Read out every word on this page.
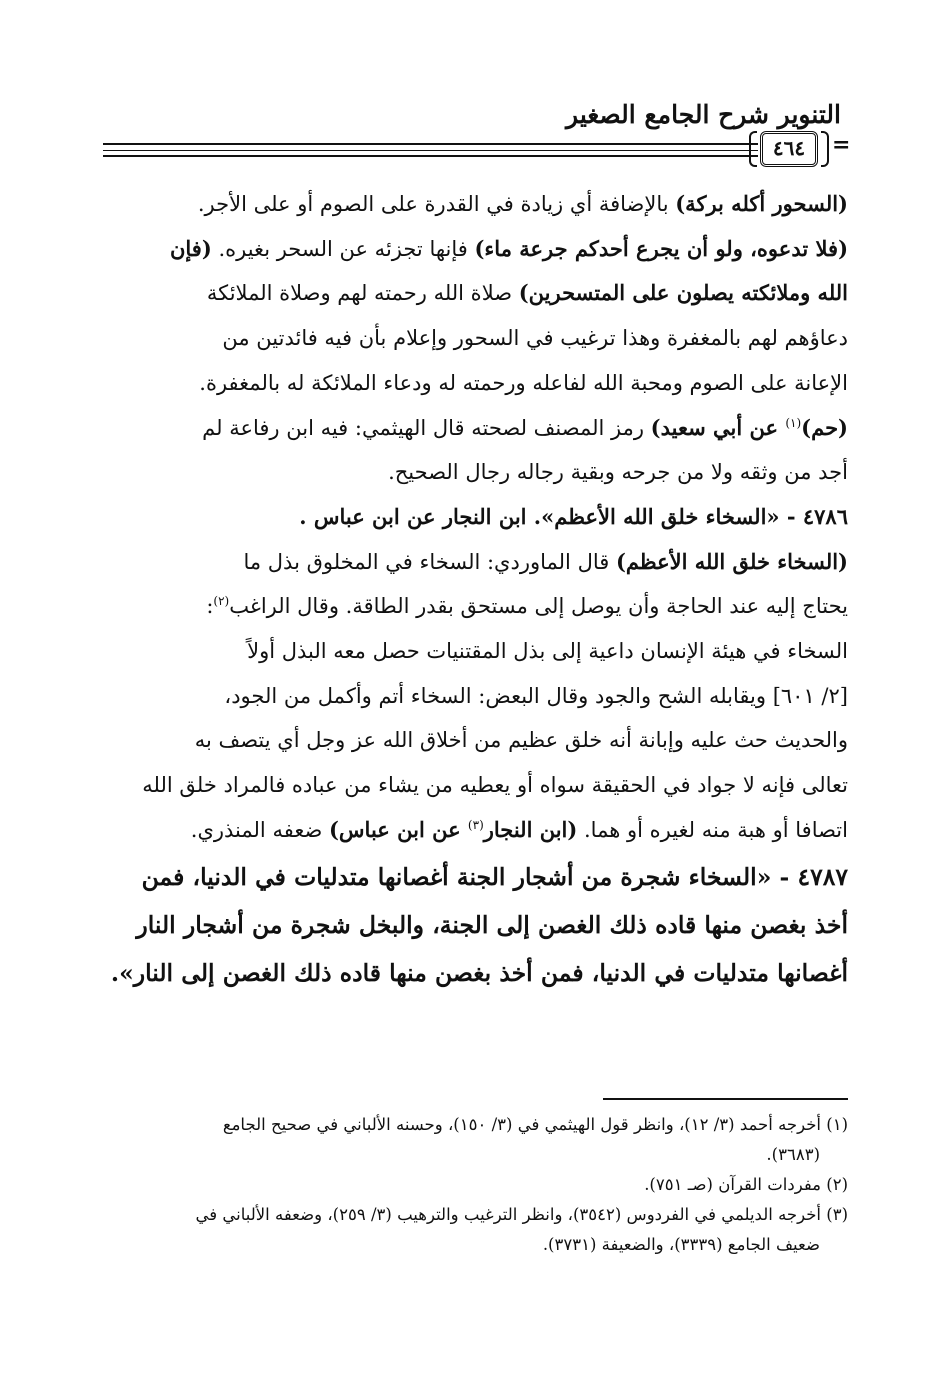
التنوير شرح الجامع الصغير
٤٦٤	=
(السحور أكله بركة) بالإضافة أي زيادة في القدرة على الصوم أو على الأجر.
(فلا تدعوه، ولو أن يجرع أحدكم جرعة ماء) فإنها تجزئه عن السحر بغيره. (فإن
الله وملائكته يصلون على المتسحرين) صلاة الله رحمته لهم وصلاة الملائكة
دعاؤهم لهم بالمغفرة وهذا ترغيب في السحور وإعلام بأن فيه فائدتين من
الإعانة على الصوم ومحبة الله لفاعله ورحمته له ودعاء الملائكة له بالمغفرة.
(حم)$^{(١)}$ عن أبي سعيد) رمز المصنف لصحته قال الهيثمي: فيه ابن رفاعة لم
أجد من وثقه ولا من جرحه وبقية رجاله رجال الصحيح.
٤٧٨٦ - «السخاء خلق الله الأعظم». ابن النجار عن ابن عباس .
(السخاء خلق الله الأعظم) قال الماوردي: السخاء في المخلوق بذل ما
يحتاج إليه عند الحاجة وأن يوصل إلى مستحق بقدر الطاقة. وقال الراغب$^{(٢)}$:
السخاء في هيئة الإنسان داعية إلى بذل المقتنيات حصل معه البذل أولاً
[٢/ ٦٠١] ويقابله الشح والجود وقال البعض: السخاء أتم وأكمل من الجود،
والحديث حث عليه وإبانة أنه خلق عظيم من أخلاق الله عز وجل أي يتصف به
تعالى فإنه لا جواد في الحقيقة سواه أو يعطيه من يشاء من عباده فالمراد خلق الله
اتصافا أو هبة منه لغيره أو هما. (ابن النجار$^{(٣)}$ عن ابن عباس) ضعفه المنذري.
٤٧٨٧ - «السخاء شجرة من أشجار الجنة أغصانها متدليات في الدنيا، فمن
أخذ بغصن منها قاده ذلك الغصن إلى الجنة، والبخل شجرة من أشجار النار
أغصانها متدليات في الدنيا، فمن أخذ بغصن منها قاده ذلك الغصن إلى النار».
(١) أخرجه أحمد (٣/ ١٢)، وانظر قول الهيثمي في (٣/ ١٥٠)، وحسنه الألباني في صحيح الجامع
(٣٦٨٣).
(٢) مفردات القرآن (صـ ٧٥١).
(٣) أخرجه الديلمي في الفردوس (٣٥٤٢)، وانظر الترغيب والترهيب (٣/ ٢٥٩)، وضعفه الألباني في
ضعيف الجامع (٣٣٣٩)، والضعيفة (٣٧٣١).
